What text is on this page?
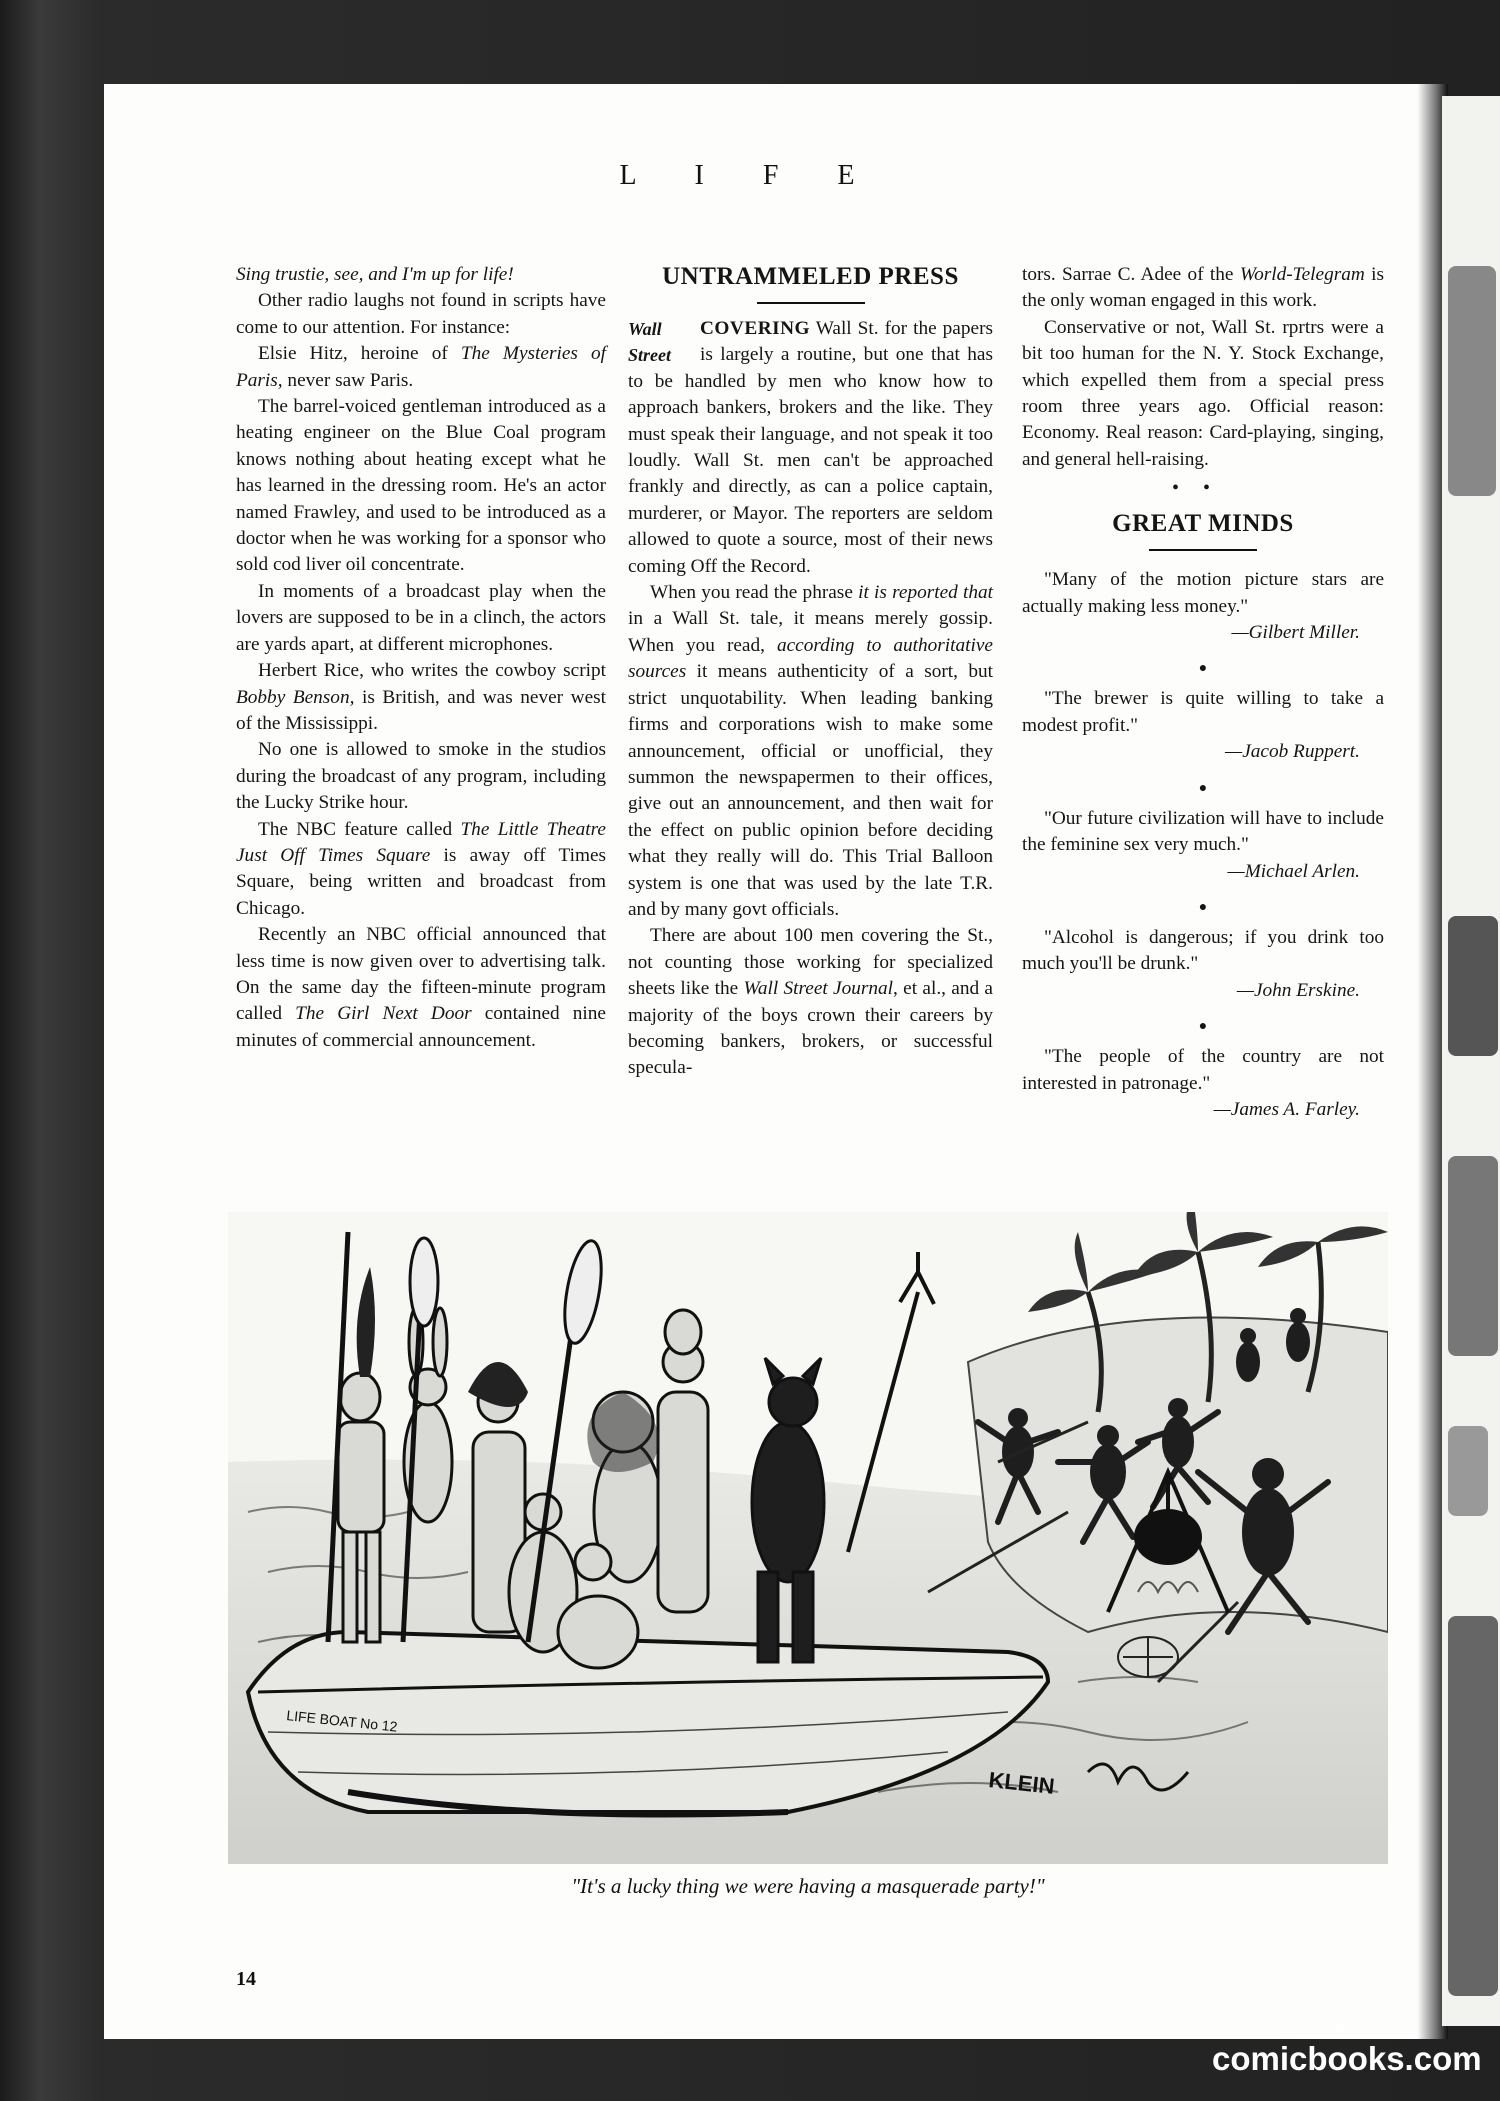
L I F E

Sing trustie, see, and I'm up for life!

Other radio laughs not found in scripts have come to our attention. For instance:

Elsie Hitz, heroine of The Mysteries of Paris, never saw Paris.

The barrel-voiced gentleman introduced as a heating engineer on the Blue Coal program knows nothing about heating except what he has learned in the dressing room. He's an actor named Frawley, and used to be introduced as a doctor when he was working for a sponsor who sold cod liver oil concentrate.

In moments of a broadcast play when the lovers are supposed to be in a clinch, the actors are yards apart, at different microphones.

Herbert Rice, who writes the cowboy script Bobby Benson, is British, and was never west of the Mississippi.

No one is allowed to smoke in the studios during the broadcast of any program, including the Lucky Strike hour.

The NBC feature called The Little Theatre Just Off Times Square is away off Times Square, being written and broadcast from Chicago.

Recently an NBC official announced that less time is now given over to advertising talk. On the same day the fifteen-minute program called The Girl Next Door contained nine minutes of commercial announcement.

UNTRAMMELED PRESS
Wall Street

COVERING Wall St. for the papers is largely a routine, but one that has to be handled by men who know how to approach bankers, brokers and the like. They must speak their language, and not speak it too loudly. Wall St. men can't be approached frankly and directly, as can a police captain, murderer, or Mayor. The reporters are seldom allowed to quote a source, most of their news coming Off the Record.

When you read the phrase it is reported that in a Wall St. tale, it means merely gossip. When you read, according to authoritative sources it means authenticity of a sort, but strict unquotability. When leading banking firms and corporations wish to make some announcement, official or unofficial, they summon the newspapermen to their offices, give out an announcement, and then wait for the effect on public opinion before deciding what they really will do. This Trial Balloon system is one that was used by the late T.R. and by many govt officials.

There are about 100 men covering the St., not counting those working for specialized sheets like the Wall Street Journal, et al., and a majority of the boys crown their careers by becoming bankers, brokers, or successful specula-

tors. Sarrae C. Adee of the World-Telegram is the only woman engaged in this work.

Conservative or not, Wall St. rprtrs were a bit too human for the N. Y. Stock Exchange, which expelled them from a special press room three years ago. Official reason: Economy. Real reason: Card-playing, singing, and general hell-raising.

••
GREAT MINDS

"Many of the motion picture stars are actually making less money."

—Gilbert Miller.

●

"The brewer is quite willing to take a modest profit."

—Jacob Ruppert.

●

"Our future civilization will have to include the feminine sex very much."

—Michael Arlen.

●

"Alcohol is dangerous; if you drink too much you'll be drunk."

—John Erskine.

●

"The people of the country are not interested in patronage."

—James A. Farley.

LIFE BOAT No 12
KLEIN
"It's a lucky thing we were having a masquerade party!"
14
comicbooks.com
